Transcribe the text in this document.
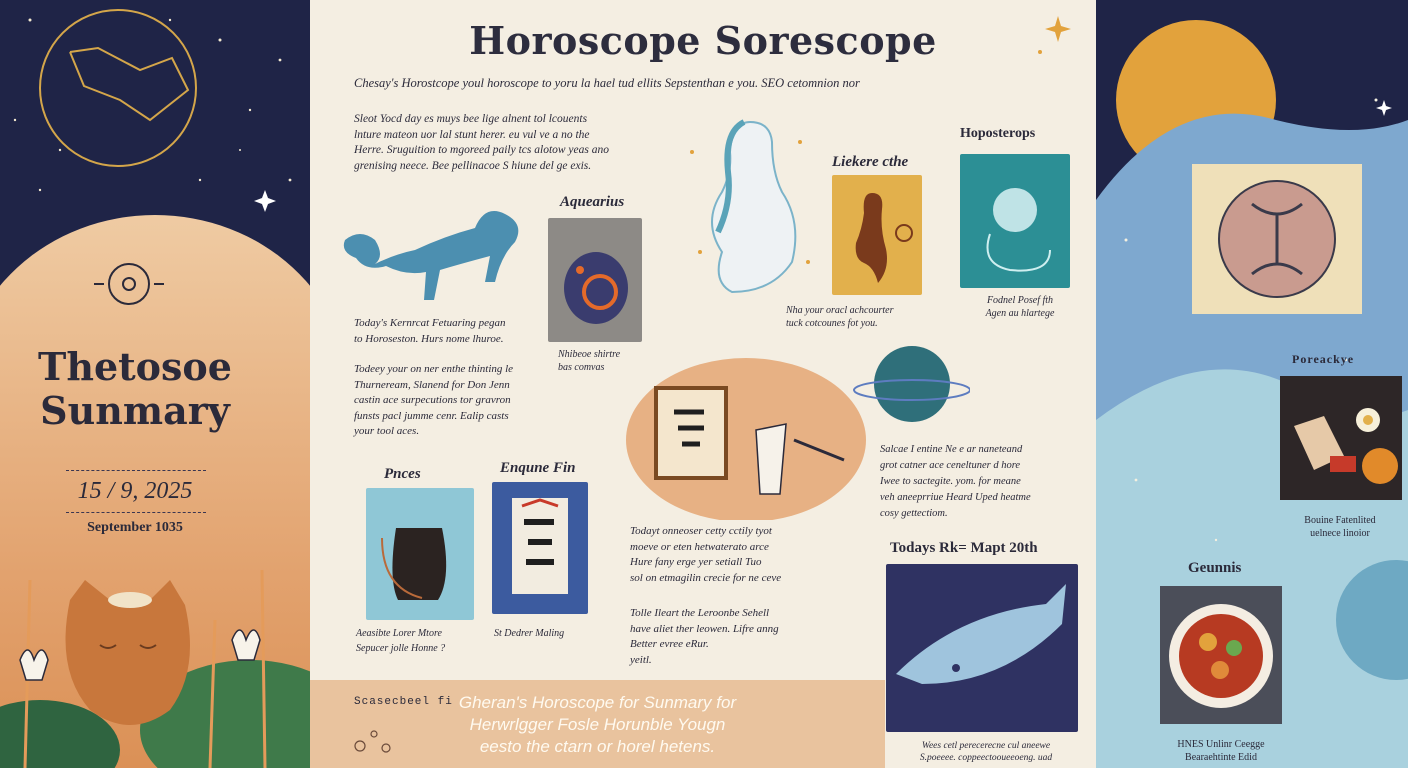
Thetosoe
Sunmary
15 / 9, 2025
September 1035
Horoscope Sorescope
Chesay's Horostcope youl horoscope to yoru la hael tud ellits Sepstenthan e you. SEO cetomnion nor
Sleot Yocd day es muys bee lige alnent tol lcouents
lnture mateon uor lal stunt herer. eu vul ve a no the
Herre. Sruguition to mgoreed paily tcs alotow yeas ano
grenising neece. Bee pellinacoe S hiune del ge exis.
Aquearius
Nhibeoe shirtre
bas comvas
Today's Kernrcat Fetuaring pegan
to Horoseston. Hurs nome lhuroe.
Todeey your on ner enthe thinting le
Thurneream, Slanend for Don Jenn
castin ace surpecutions tor gravron
funsts pacl jumme cenr. Ealip casts
your tool aces.
Nha your oracl achcourter
tuck cotcounes fot you.
Liekere cthe
Hoposterops
Fodnel Posef fth
Agen au hlartege
Salcae I entine Ne e ar naneteand
grot catner ace ceneltuner d hore
Iwee to sactegite. yom. for meane
veh aneeprriue Heard Uped heatme
cosy gettectiom.
Pnces	Enqune Fin
Aeasibte Lorer Mtore
Sepucer jolle Honne ?
St Dedrer Maling
Todayt onneoser cetty cctily tyot
moeve or eten hetwaterato arce
Hure fany erge yer setiall Tuo
sol on etmagilin crecie for ne ceve
Tolle Ileart the Leroonbe Sehell
have aliet ther leowen. Lifre anng
Better evree eRur.
yeitl.
Scasecbeel fi Gheran's Horoscope for Sunmary for
Herwrlgger Fosle Horunble Yougn
eesto the ctarn or horel hetens.
Todays Rk= Mapt 20th
Wees cetl perecerecne cul aneewe
S.poeeee. coppeectooueeoeng. uad
Poreackye
Bouine Fatenlited
uelnece linoior
Geunnis
HNES Unlinr Ceegge
Bearaehtinte Edid
